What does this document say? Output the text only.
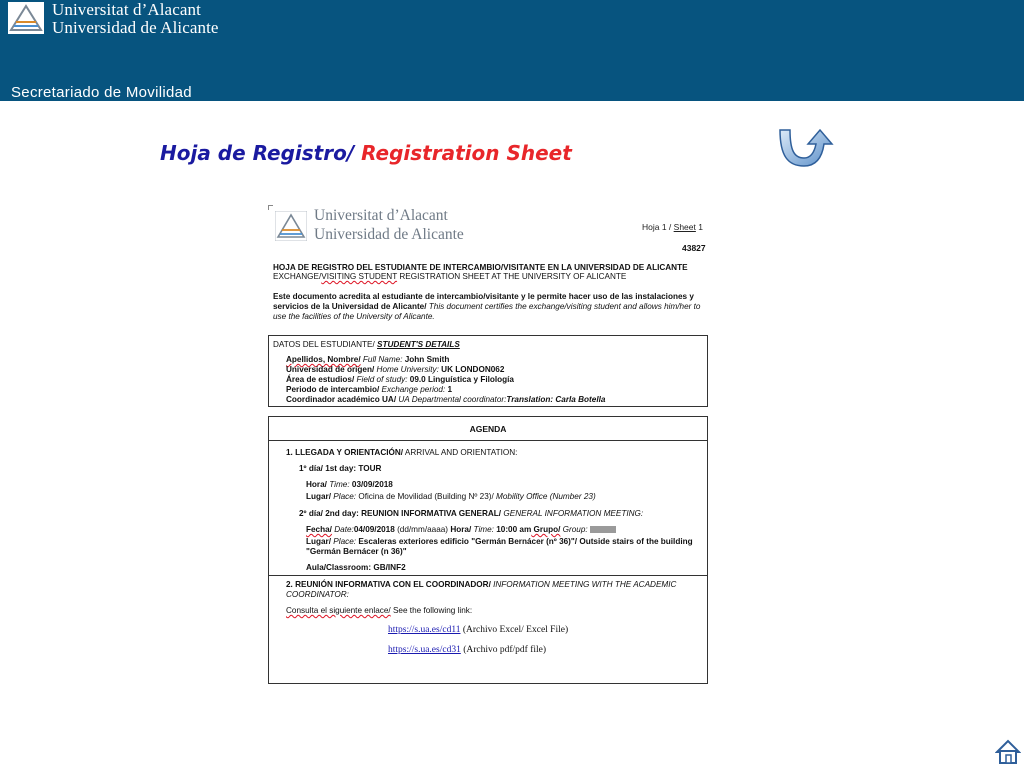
Universitat d’Alacant
Universidad de Alicante
Secretariado de Movilidad
Hoja de Registro/ Registration Sheet
Universitat d’Alacant
Universidad de Alicante	Hoja 1 / Sheet 1
43827
HOJA DE REGISTRO DEL ESTUDIANTE DE INTERCAMBIO/VISITANTE EN LA UNIVERSIDAD DE ALICANTE
EXCHANGE/VISITING STUDENT REGISTRATION SHEET AT THE UNIVERSITY OF ALICANTE
Este documento acredita al estudiante de intercambio/visitante y le permite hacer uso de las instalaciones y
servicios de la Universidad de Alicante/ This document certifies the exchange/visiting student and allows him/her to
use the facilities of the University of Alicante.
DATOS DEL ESTUDIANTE/ STUDENT'S DETAILS
Apellidos, Nombre/ Full Name: John Smith
Universidad de origen/ Home University: UK LONDON062
Área de estudios/ Field of study: 09.0 Linguística y Filología
Periodo de intercambio/ Exchange period: 1
Coordinador académico UA/ UA Departmental coordinator:Translation: Carla Botella
AGENDA
1. LLEGADA Y ORIENTACIÓN/ ARRIVAL AND ORIENTATION:
1º día/ 1st day: TOUR
Hora/ Time: 03/09/2018
Lugar/ Place: Oficina de Movilidad (Building Nº 23)/ Mobility Office (Number 23)
2º día/ 2nd day: REUNION INFORMATIVA GENERAL/ GENERAL INFORMATION MEETING:
Fecha/ Date:04/09/2018 (dd/mm/aaaa) Hora/ Time: 10:00 am Grupo/ Group:
Lugar/ Place: Escaleras exteriores edificio "Germán Bernácer (nº 36)"/ Outside stairs of the building
"Germán Bernácer (n 36)"
Aula/Classroom: GB/INF2
2. REUNIÓN INFORMATIVA CON EL COORDINADOR/ INFORMATION MEETING WITH THE ACADEMIC
COORDINATOR:
Consulta el siguiente enlace/ See the following link:
https://s.ua.es/cd11 (Archivo Excel/ Excel File)
https://s.ua.es/cd31 (Archivo pdf/pdf file)
